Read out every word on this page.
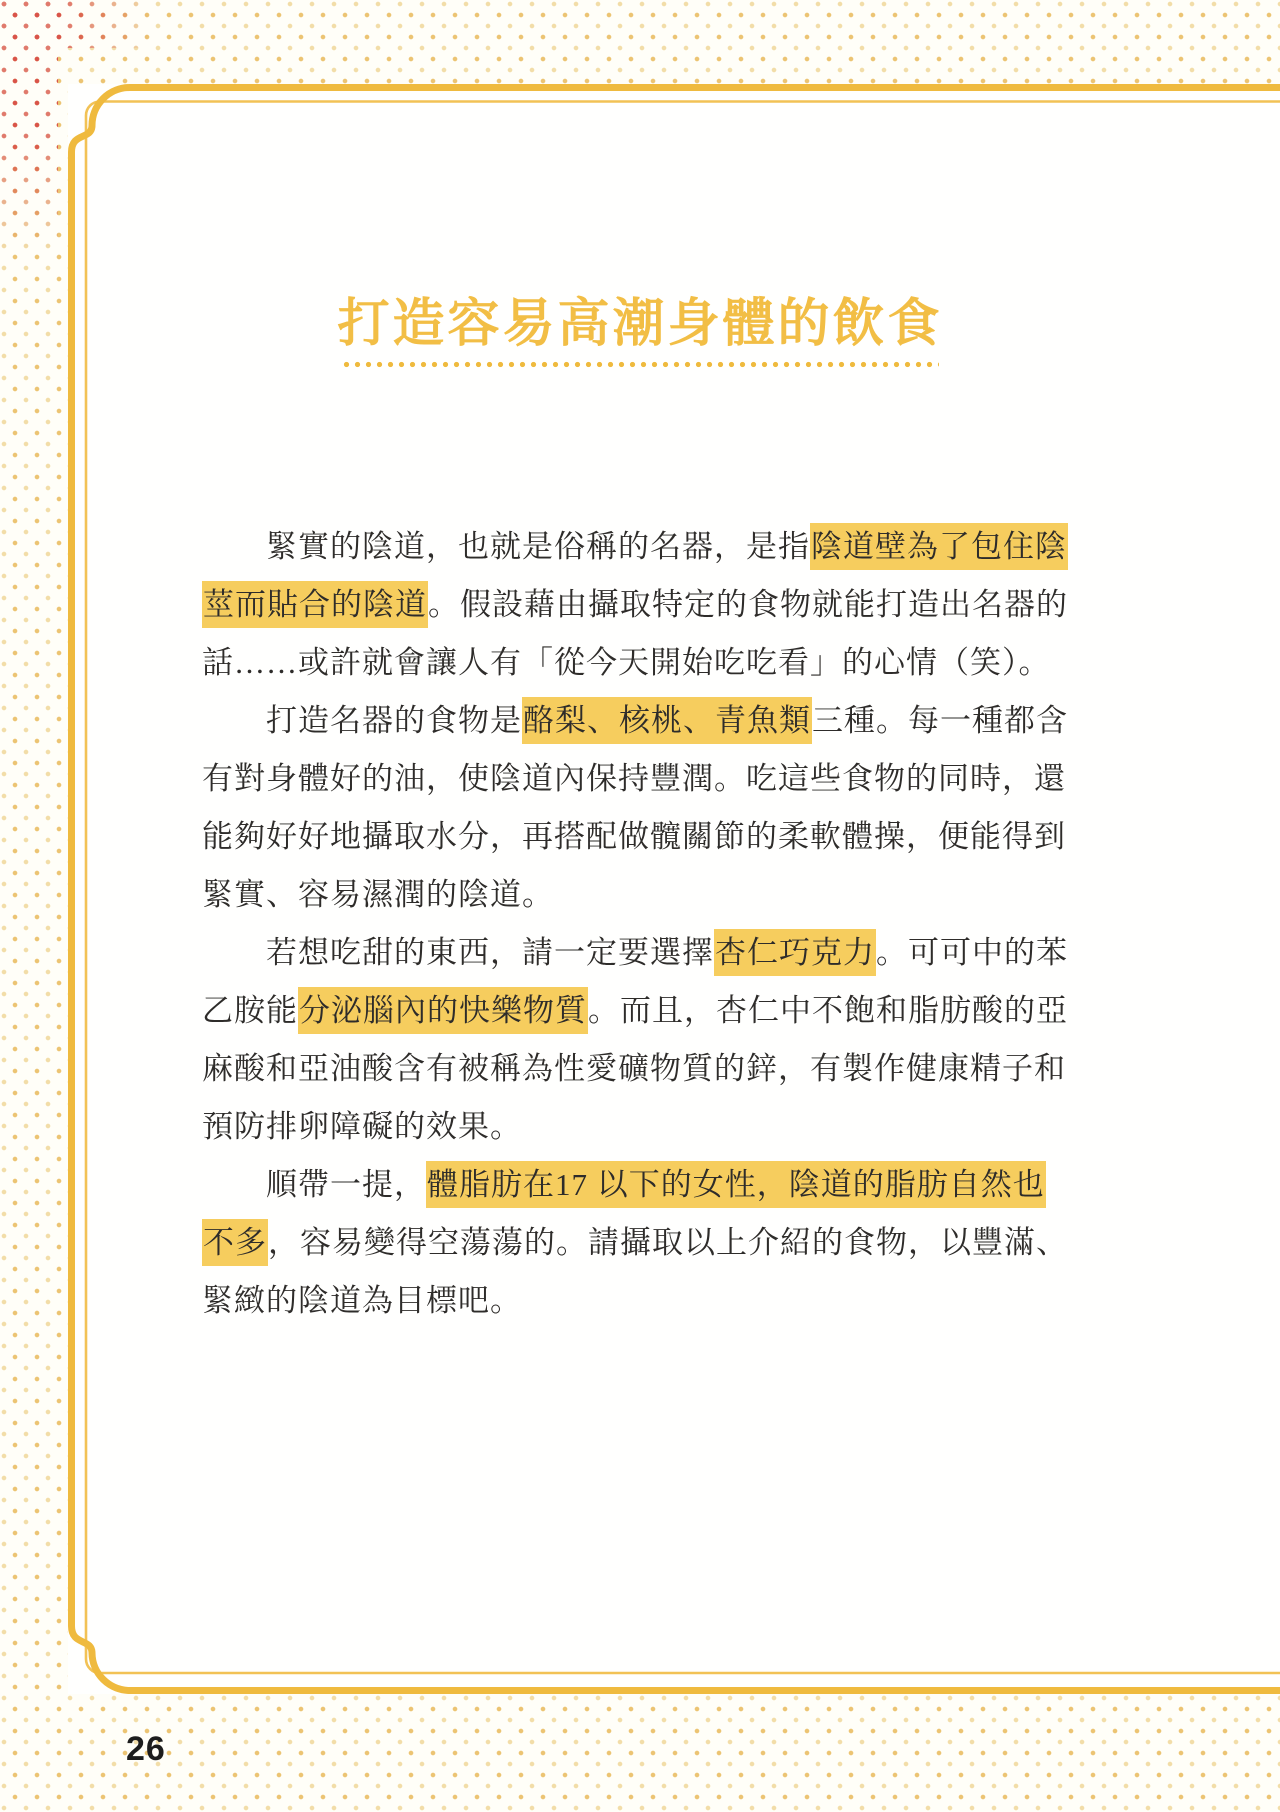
打造容易高潮身體的飲食
緊實的陰道，也就是俗稱的名器，是指陰道壁為了包住陰
莖而貼合的陰道。假設藉由攝取特定的食物就能打造出名器的
話……或許就會讓人有「從今天開始吃吃看」的心情（笑）。
打造名器的食物是酪梨、核桃、青魚類三種。每一種都含
有對身體好的油，使陰道內保持豐潤。吃這些食物的同時，還
能夠好好地攝取水分，再搭配做髖關節的柔軟體操，便能得到
緊實、容易濕潤的陰道。
若想吃甜的東西，請一定要選擇杏仁巧克力。可可中的苯
乙胺能分泌腦內的快樂物質。而且，杏仁中不飽和脂肪酸的亞
麻酸和亞油酸含有被稱為性愛礦物質的鋅，有製作健康精子和
預防排卵障礙的效果。
順帶一提，體脂肪在17 以下的女性，陰道的脂肪自然也
不多，容易變得空蕩蕩的。請攝取以上介紹的食物，以豐滿、
緊緻的陰道為目標吧。
26
